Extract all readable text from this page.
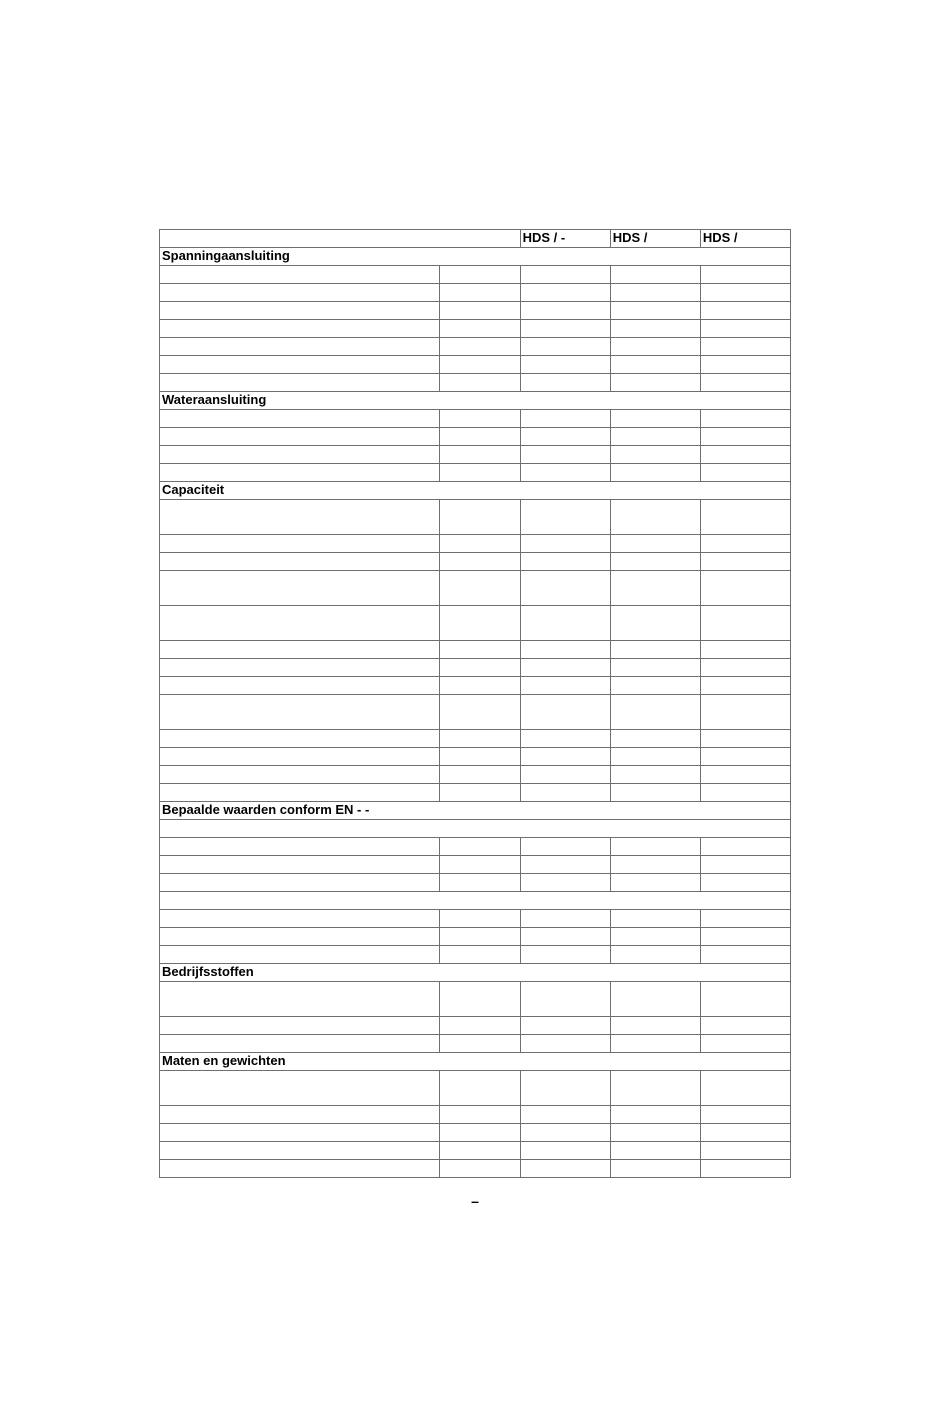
		HDS / -	HDS /	HDS /
Spanningaansluiting				

Wateraansluiting				

Capaciteit				

Bepaalde waarden conform EN - -				

Bedrijfsstoffen				

Maten en gewichten				

–
